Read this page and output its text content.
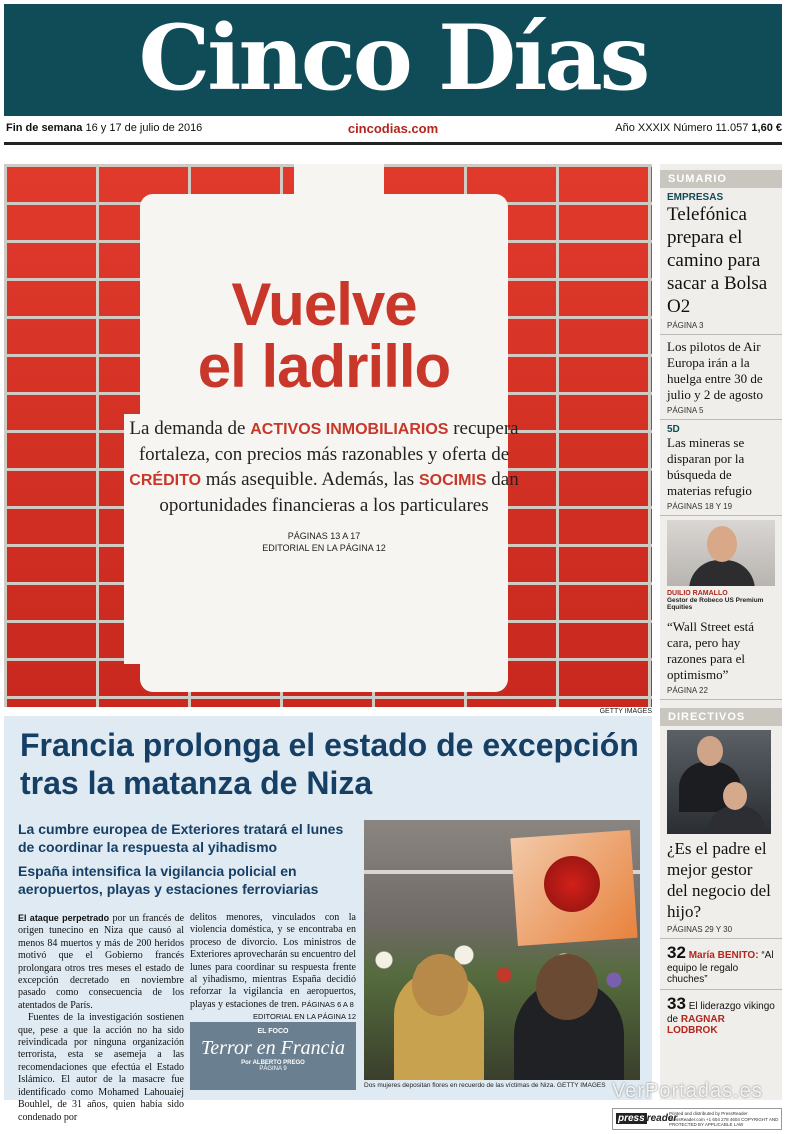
Cinco Días
Fin de semana 16 y 17 de julio de 2016	cincodias.com	Año XXXIX Número 11.057 1,60 €
Vuelve
el ladrillo

La demanda de ACTIVOS INMOBILIARIOS recupera fortaleza, con precios más razonables y oferta de CRÉDITO más asequible. Además, las SOCIMIS dan oportunidades financieras a los particulares

PÁGINAS 13 A 17
EDITORIAL EN LA PÁGINA 12
GETTY IMAGES
SUMARIO
EMPRESAS
Telefónica prepara el camino para sacar a Bolsa O2
PÁGINA 3
Los pilotos de Air Europa irán a la huelga entre 30 de julio y 2 de agosto
PÁGINA 5
5D
Las mineras se disparan por la búsqueda de materias refugio
PÁGINAS 18 Y 19
DUILIO RAMALLO
Gestor de Robeco US Premium Equities
“Wall Street está cara, pero hay razones para el optimismo”
PÁGINA 22
DIRECTIVOS
¿Es el padre el mejor gestor del negocio del hijo?
PÁGINAS 29 Y 30
32 María BENITO: “Al equipo le regalo chuches”
33 El liderazgo vikingo de RAGNAR LODBROK
Francia prolonga el estado de excepción tras la matanza de Niza
La cumbre europea de Exteriores tratará el lunes de coordinar la respuesta al yihadismo
España intensifica la vigilancia policial en aeropuertos, playas y estaciones ferroviarias
El ataque perpetrado por un francés de origen tunecino en Niza que causó al menos 84 muertos y más de 200 heridos motivó que el Gobierno francés prolongara otros tres meses el estado de excepción decretado en noviembre pasado como consecuencia de los atentados de París.
Fuentes de la investigación sostienen que, pese a que la acción no ha sido reivindicada por ninguna organización terrorista, esta se asemeja a las recomendaciones que efectúa el Estado Islámico. El autor de la masacre fue identificado como Mohamed Lahouaiej Bouhlel, de 31 años, quien había sido condenado por
delitos menores, vinculados con la violencia doméstica, y se encontraba en proceso de divorcio. Los ministros de Exteriores aprovecharán su encuentro del lunes para coordinar su respuesta frente al yihadismo, mientras España decidió reforzar la vigilancia en aeropuertos, playas y estaciones de tren. PÁGINAS 6 A 8
EDITORIAL EN LA PÁGINA 12
EL FOCO
Terror en Francia
Por ALBERTO PREGO
PÁGINA 9
Dos mujeres depositan flores en recuerdo de las víctimas de Niza. GETTY IMAGES VerPortadas.es
press reader
Printed and distributed by PressReader PressReader.com +1 604 278 4604 COPYRIGHT AND PROTECTED BY APPLICABLE LAW
